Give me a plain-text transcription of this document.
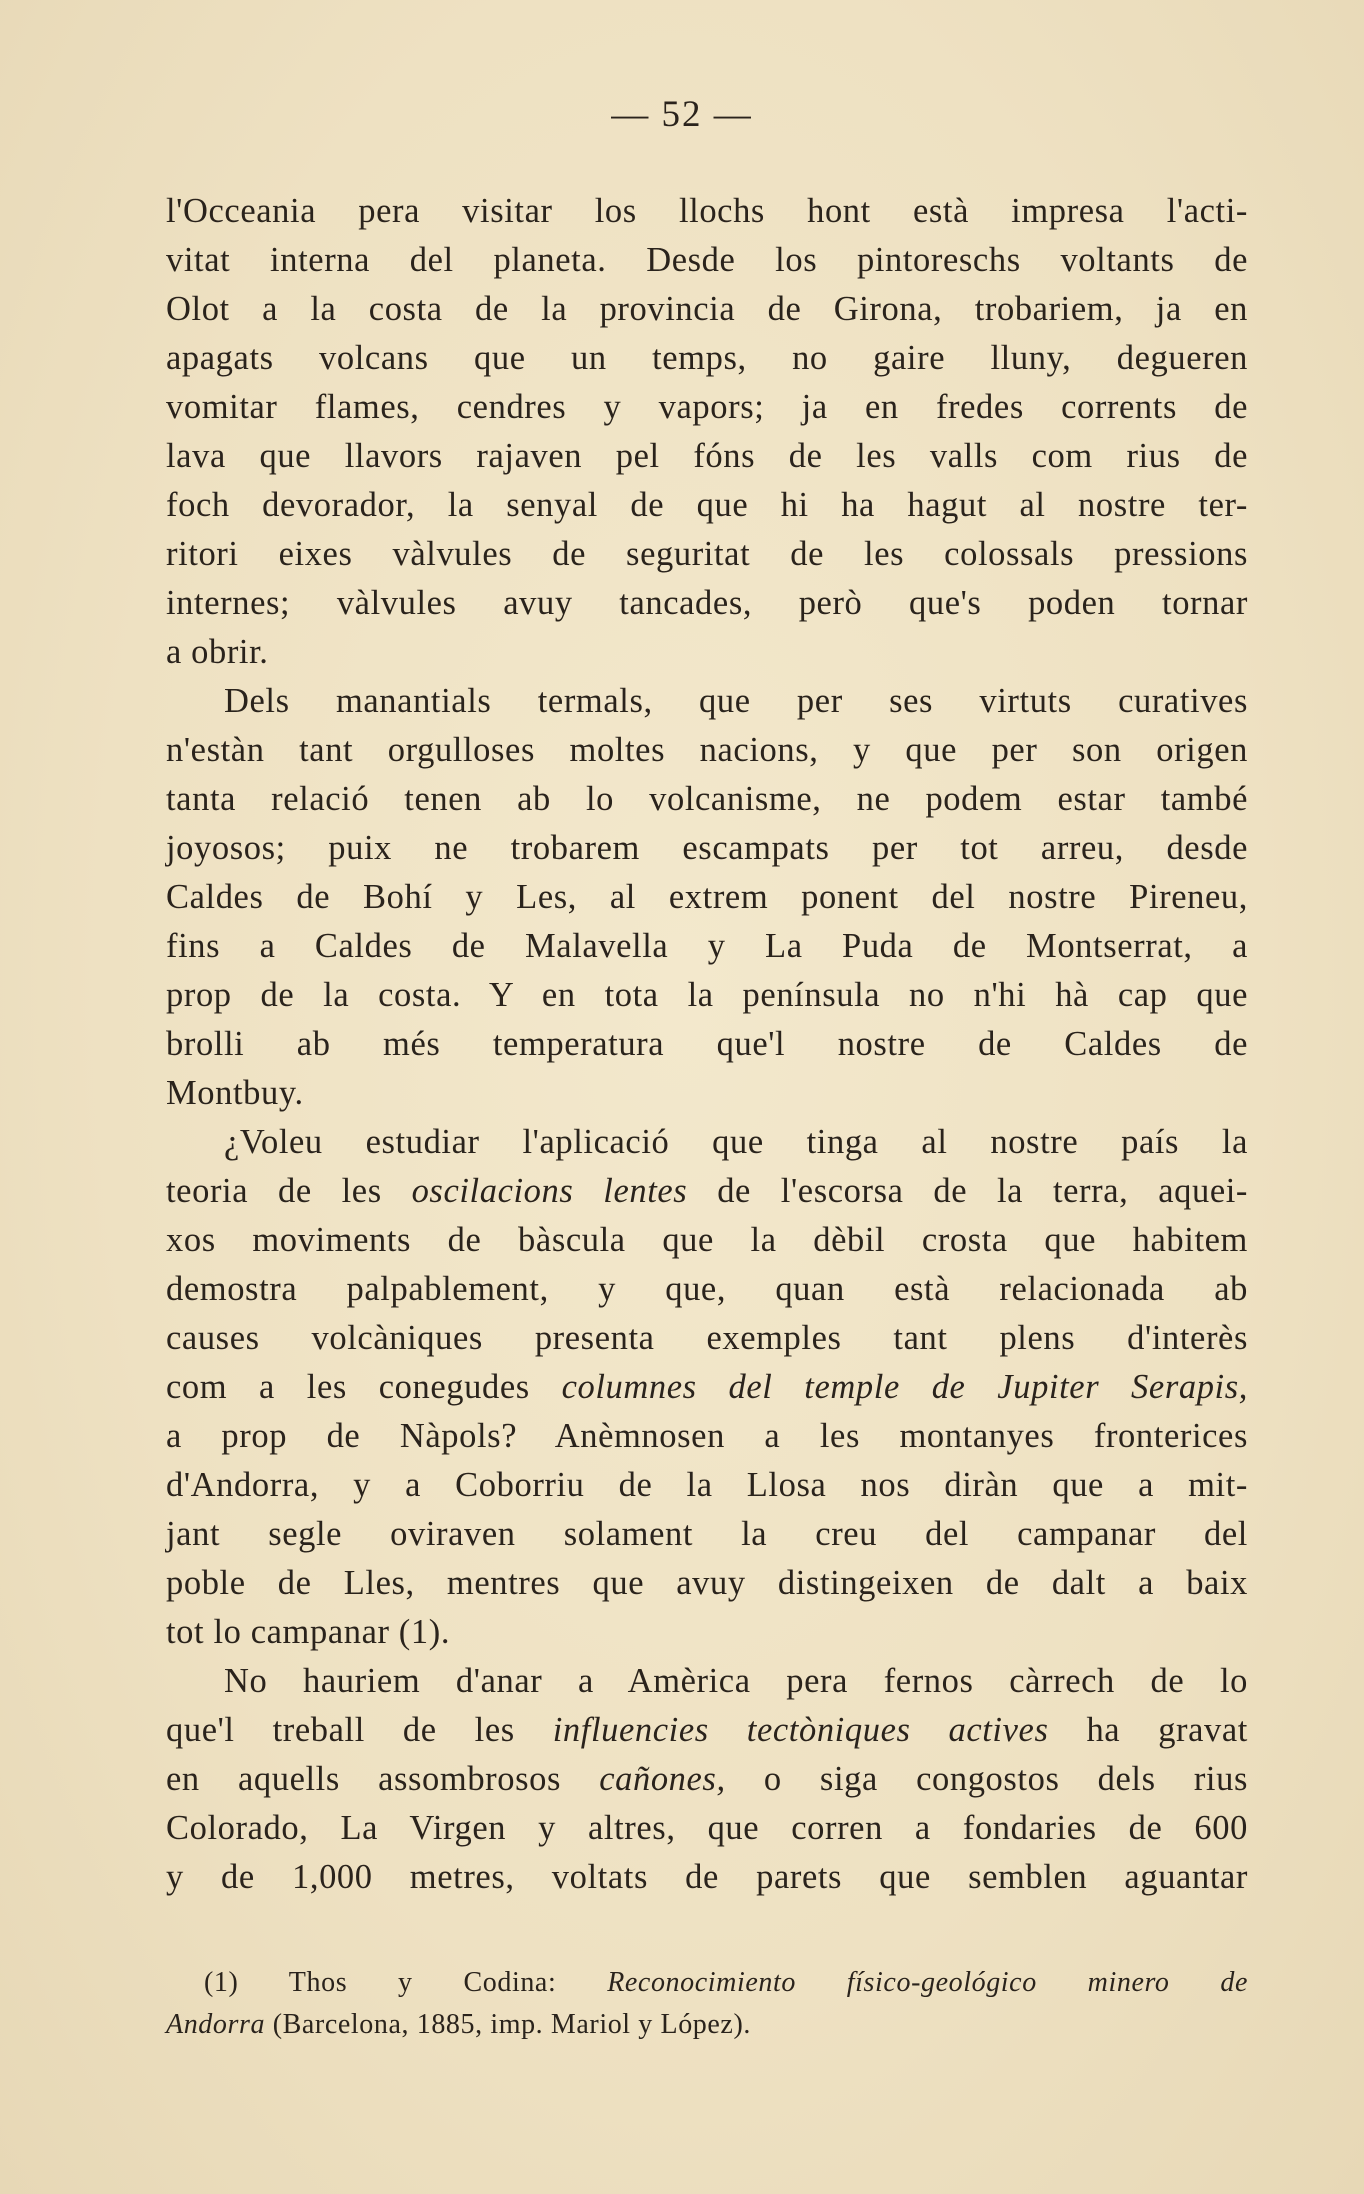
— 52 —
l'Occeania pera visitar los llochs hont està impresa l'acti-
vitat interna del planeta. Desde los pintoreschs voltants de
Olot a la costa de la provincia de Girona, trobariem, ja en
apagats volcans que un temps, no gaire lluny, degueren
vomitar flames, cendres y vapors; ja en fredes corrents de
lava que llavors rajaven pel fóns de les valls com rius de
foch devorador, la senyal de que hi ha hagut al nostre ter-
ritori eixes vàlvules de seguritat de les colossals pressions
internes; vàlvules avuy tancades, però que's poden tornar
a obrir.
Dels manantials termals, que per ses virtuts curatives
n'estàn tant orgulloses moltes nacions, y que per son origen
tanta relació tenen ab lo volcanisme, ne podem estar també
joyosos; puix ne trobarem escampats per tot arreu, desde
Caldes de Bohí y Les, al extrem ponent del nostre Pireneu,
fins a Caldes de Malavella y La Puda de Montserrat, a
prop de la costa. Y en tota la península no n'hi hà cap que
brolli ab més temperatura que'l nostre de Caldes de
Montbuy.
¿Voleu estudiar l'aplicació que tinga al nostre país la
teoria de les oscilacions lentes de l'escorsa de la terra, aquei-
xos moviments de bàscula que la dèbil crosta que habitem
demostra palpablement, y que, quan està relacionada ab
causes volcàniques presenta exemples tant plens d'interès
com a les conegudes columnes del temple de Jupiter Serapis,
a prop de Nàpols? Anèmnosen a les montanyes fronterices
d'Andorra, y a Coborriu de la Llosa nos diràn que a mit-
jant segle oviraven solament la creu del campanar del
poble de Lles, mentres que avuy distingeixen de dalt a baix
tot lo campanar (1).
No hauriem d'anar a Amèrica pera fernos càrrech de lo
que'l treball de les influencies tectòniques actives ha gravat
en aquells assombrosos cañones, o siga congostos dels rius
Colorado, La Virgen y altres, que corren a fondaries de 600
y de 1,000 metres, voltats de parets que semblen aguantar
(1) Thos y Codina: Reconocimiento físico-geológico minero de
Andorra (Barcelona, 1885, imp. Mariol y López).
